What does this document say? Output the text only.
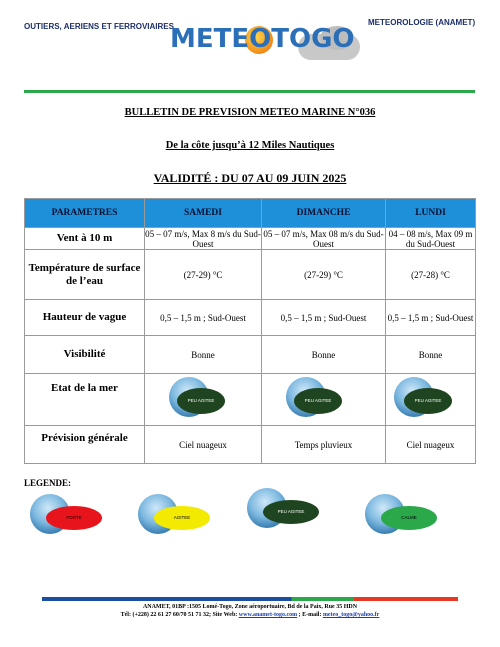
OUTIERS, AERIENS ET FERROVIAIRES
METEOTOGO
METEOROLOGIE (ANAMET)
BULLETIN DE PREVISION METEO MARINE N°036
De la côte jusqu’à 12 Miles Nautiques
VALIDITÉ : DU 07 AU 09 JUIN 2025
PARAMETRES	SAMEDI	DIMANCHE	LUNDI
Vent à 10 m	05 – 07 m/s, Max 8 m/s du Sud-Ouest	05 – 07 m/s, Max 08 m/s du Sud-Ouest	04 – 08 m/s, Max 09 m du Sud-Ouest
Température de surface de l’eau	(27-29) °C	(27-29) °C	(27-28) °C
Hauteur de vague	0,5 – 1,5 m ; Sud-Ouest	0,5 – 1,5 m ; Sud-Ouest	0,5 – 1,5 m ; Sud-Ouest
Visibilité	Bonne	Bonne	Bonne
Etat de la mer	PEU AGITEE	PEU AGITEE	PEU AGITEE

Prévision générale	Ciel nuageux	Temps pluvieux	Ciel nuageux
LEGENDE:
FORTE	AGITEE
PEU AGITEE
CALME
ANAMET, 01BP :1505 Lomé-Togo, Zone aéroportuaire, Bd de la Paix, Rue 35 HDN
Tél: (+228) 22 61 27 60/70 51 71 32; Site Web: www.anamet-togo.com ; E-mail: meteo_togo@yahoo.fr
